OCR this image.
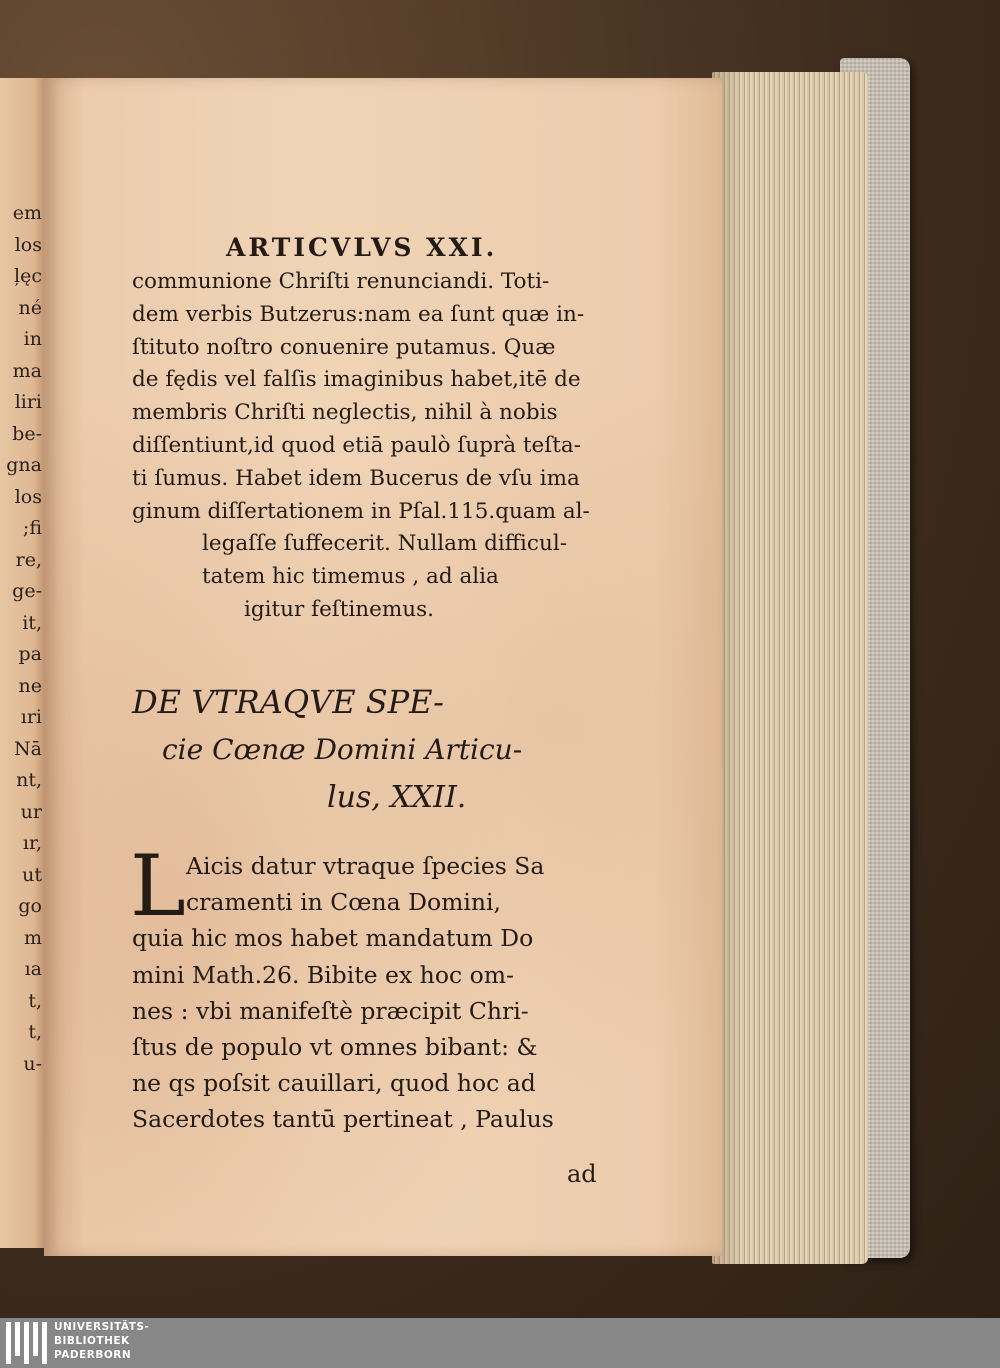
em
los
ļęc
né
in
ma
liri
be-
gna
los
;fi
re,
ge-
it,
pa
ne
ıri
Nā
nt,
ur
ır,
ut
go
m
ıa
t,
t,
u-
ARTICVLVS XXI.
communione Chriſti renunciandi. Toti-
dem verbis Butzerus:nam ea ſunt quæ in-
ſtituto noſtro conuenire putamus. Quæ
de fędis vel falſis imaginibus habet,itē de
membris Chriſti neglectis, nihil à nobis
diſſentiunt,id quod etiā paulò ſuprà teſta-
ti ſumus. Habet idem Bucerus de vſu ima
ginum diſſertationem in Pſal.115.quam al-
legaſſe ſuffecerit. Nullam difficul-
tatem hic timemus , ad alia
igitur feſtinemus.
DE VTRAQVE SPE-
cie Cœnæ Domini Articu-
lus, XXII.
L Aicis datur vtraque ſpecies Sa
cramenti in Cœna Domini,
quia hic mos habet mandatum Do
mini Math.26. Bibite ex hoc om-
nes : vbi manifeſtè præcipit Chri-
ſtus de populo vt omnes bibant: &
ne qs poſsit cauillari, quod hoc ad
Sacerdotes tantū pertineat , Paulus
ad
UNIVERSITÄTS-
BIBLIOTHEK
PADERBORN
